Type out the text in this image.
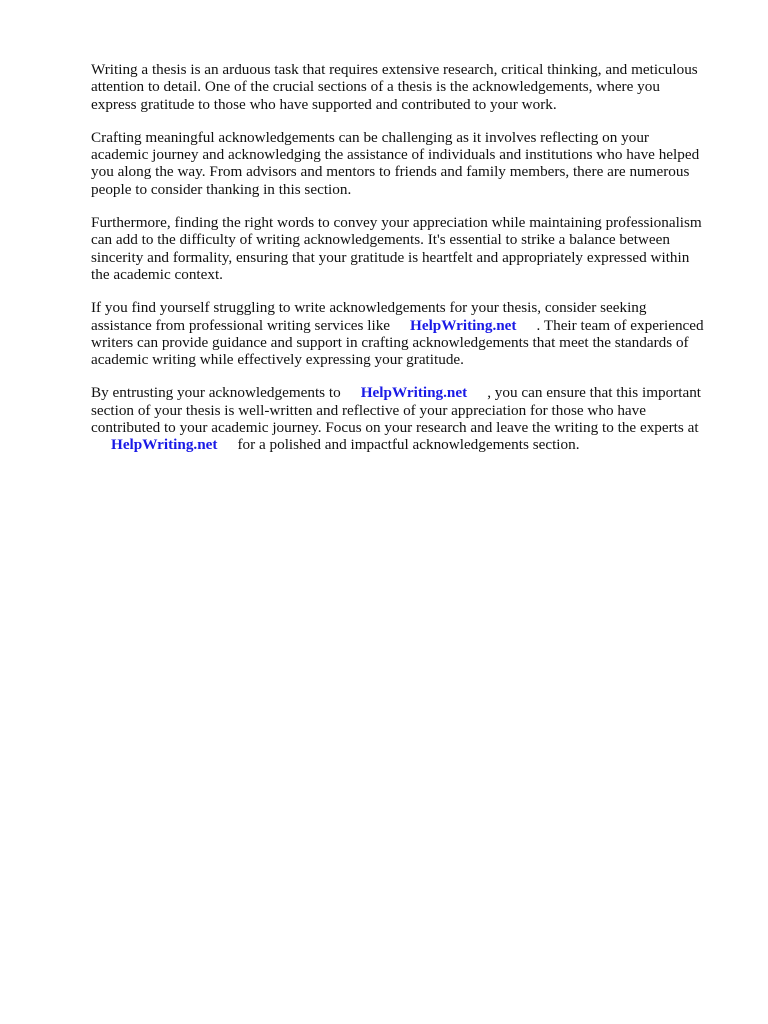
Writing a thesis is an arduous task that requires extensive research, critical thinking, and meticulous
attention to detail. One of the crucial sections of a thesis is the acknowledgements, where you
express gratitude to those who have supported and contributed to your work.

Crafting meaningful acknowledgements can be challenging as it involves reflecting on your
academic journey and acknowledging the assistance of individuals and institutions who have helped
you along the way. From advisors and mentors to friends and family members, there are numerous
people to consider thanking in this section.

Furthermore, finding the right words to convey your appreciation while maintaining professionalism
can add to the difficulty of writing acknowledgements. It's essential to strike a balance between
sincerity and formality, ensuring that your gratitude is heartfelt and appropriately expressed within
the academic context.

If you find yourself struggling to write acknowledgements for your thesis, consider seeking
assistance from professional writing services like HelpWriting.net . Their team of experienced
writers can provide guidance and support in crafting acknowledgements that meet the standards of
academic writing while effectively expressing your gratitude.

By entrusting your acknowledgements to HelpWriting.net , you can ensure that this important
section of your thesis is well-written and reflective of your appreciation for those who have
contributed to your academic journey. Focus on your research and leave the writing to the experts at
HelpWriting.net for a polished and impactful acknowledgements section.
